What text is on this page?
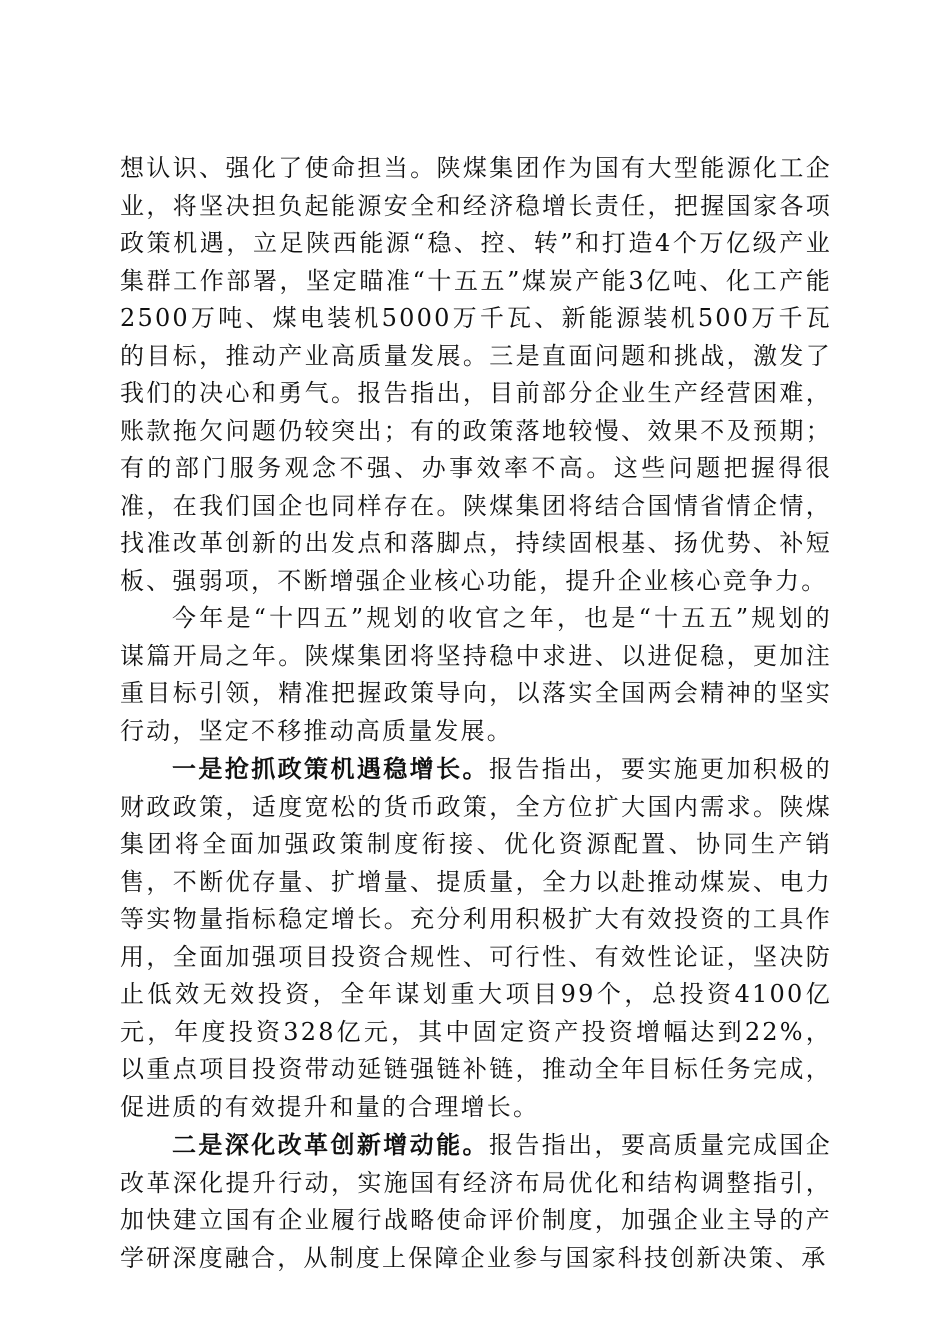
想认识、强化了使命担当。陕煤集团作为国有大型能源化工企业，将坚决担负起能源安全和经济稳增长责任，把握国家各项政策机遇，立足陕西能源“稳、控、转”和打造4个万亿级产业集群工作部署，坚定瞄准“十五五”煤炭产能3亿吨、化工产能2500万吨、煤电装机5000万千瓦、新能源装机500万千瓦的目标，推动产业高质量发展。三是直面问题和挑战，激发了我们的决心和勇气。报告指出，目前部分企业生产经营困难，账款拖欠问题仍较突出；有的政策落地较慢、效果不及预期；有的部门服务观念不强、办事效率不高。这些问题把握得很准，在我们国企也同样存在。陕煤集团将结合国情省情企情，找准改革创新的出发点和落脚点，持续固根基、扬优势、补短板、强弱项，不断增强企业核心功能，提升企业核心竞争力。

今年是“十四五”规划的收官之年，也是“十五五”规划的谋篇开局之年。陕煤集团将坚持稳中求进、以进促稳，更加注重目标引领，精准把握政策导向，以落实全国两会精神的坚实行动，坚定不移推动高质量发展。

一是抢抓政策机遇稳增长。报告指出，要实施更加积极的财政政策，适度宽松的货币政策，全方位扩大国内需求。陕煤集团将全面加强政策制度衔接、优化资源配置、协同生产销售，不断优存量、扩增量、提质量，全力以赴推动煤炭、电力等实物量指标稳定增长。充分利用积极扩大有效投资的工具作用，全面加强项目投资合规性、可行性、有效性论证，坚决防止低效无效投资，全年谋划重大项目99个，总投资4100亿元，年度投资328亿元，其中固定资产投资增幅达到22%，以重点项目投资带动延链强链补链，推动全年目标任务完成，促进质的有效提升和量的合理增长。

二是深化改革创新增动能。报告指出，要高质量完成国企改革深化提升行动，实施国有经济布局优化和结构调整指引，加快建立国有企业履行战略使命评价制度，加强企业主导的产学研深度融合，从制度上保障企业参与国家科技创新决策、承
